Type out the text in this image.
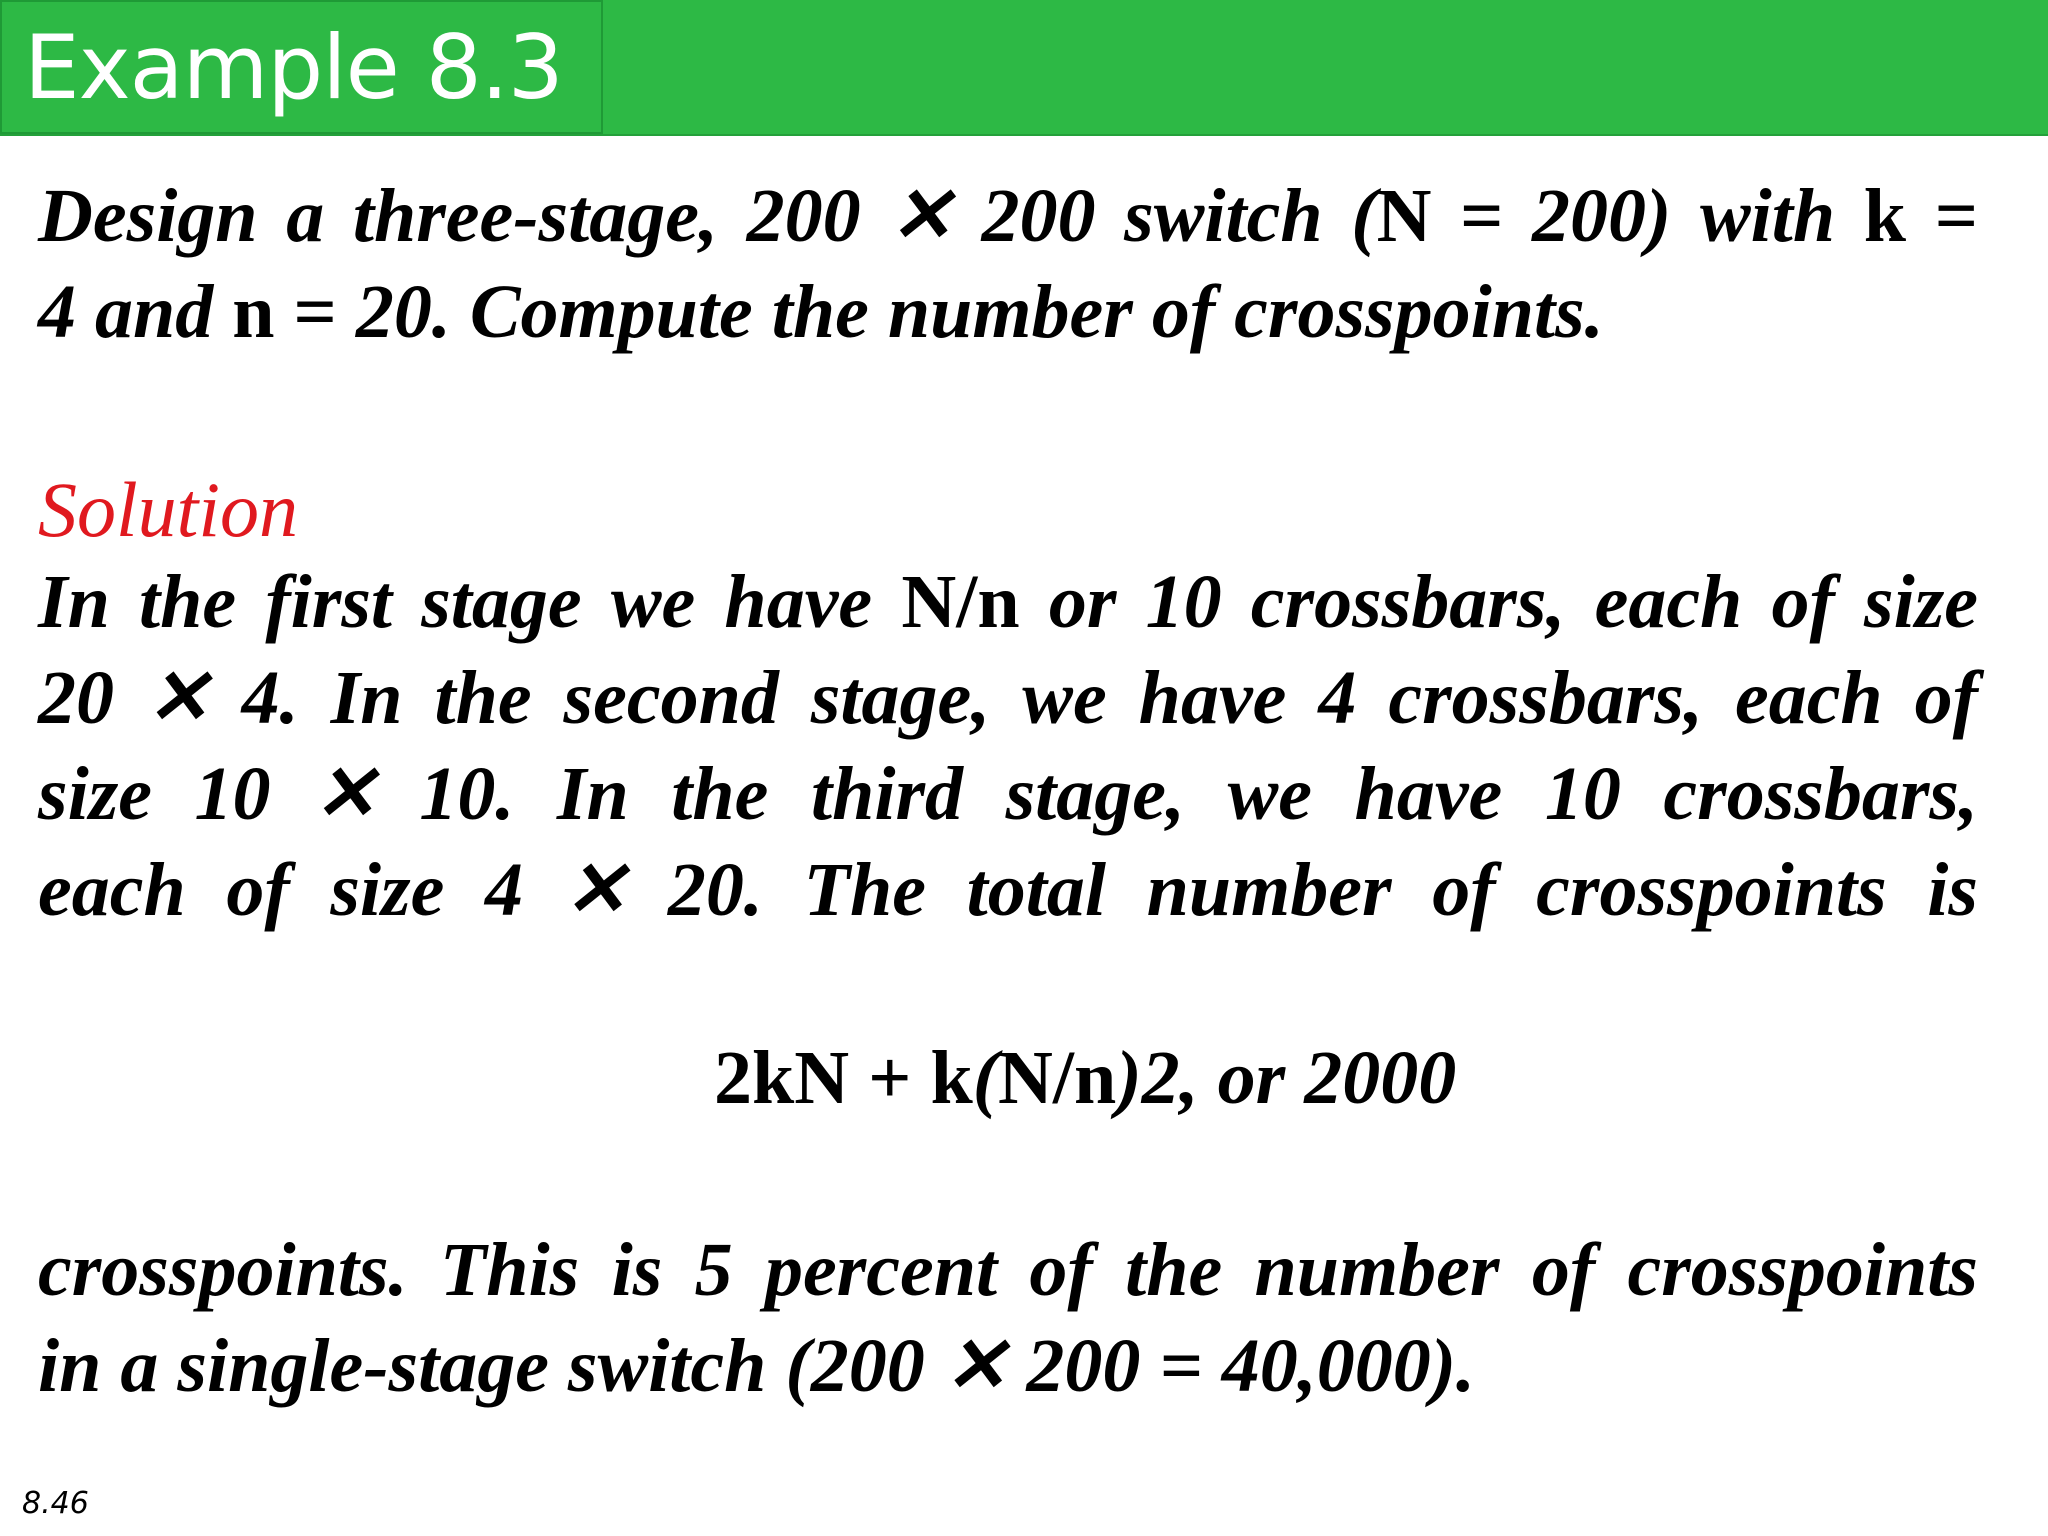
Example 8.3
Design a three-stage, 200 ✕ 200 switch (N = 200) with k =
4 and n = 20. Compute the number of crosspoints.
Solution
In the first stage we have N/n or 10 crossbars, each of size
20 ✕ 4. In the second stage, we have 4 crossbars, each of
size 10 ✕ 10. In the third stage, we have 10 crossbars,
each of size 4 ✕ 20. The total number of crosspoints is
2kN + k(N/n)2, or 2000
crosspoints. This is 5 percent of the number of crosspoints
in a single-stage switch (200 ✕ 200 = 40,000).
8.46
